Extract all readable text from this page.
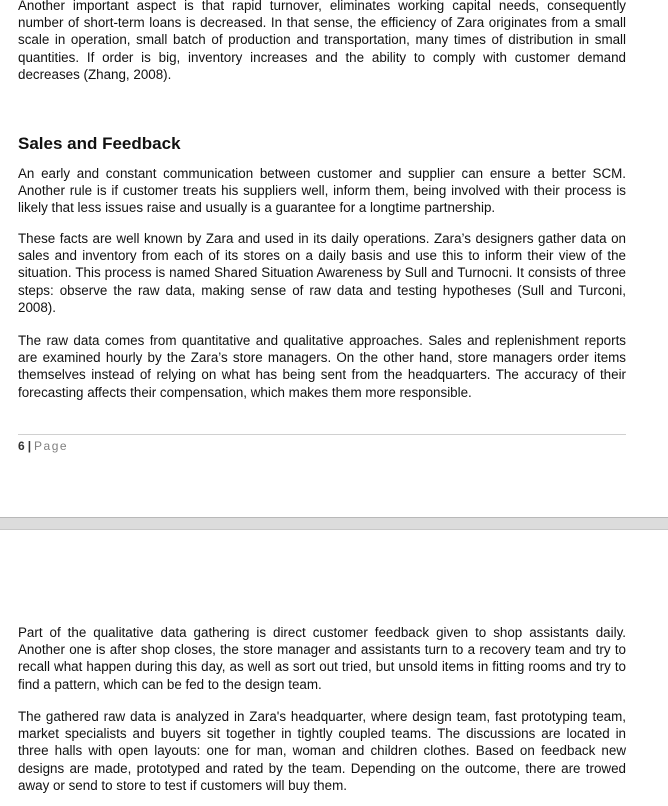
Another important aspect is that rapid turnover, eliminates working capital needs, consequently number of short-term loans is decreased. In that sense, the efficiency of Zara originates from a small scale in operation, small batch of production and transportation, many times of distribution in small quantities. If order is big, inventory increases and the ability to comply with customer demand decreases (Zhang, 2008).

Sales and Feedback

An early and constant communication between customer and supplier can ensure a better SCM. Another rule is if customer treats his suppliers well, inform them, being involved with their process is likely that less issues raise and usually is a guarantee for a longtime partnership.

These facts are well known by Zara and used in its daily operations. Zara’s designers gather data on sales and inventory from each of its stores on a daily basis and use this to inform their view of the situation. This process is named Shared Situation Awareness by Sull and Turnocni. It consists of three steps: observe the raw data, making sense of raw data and testing hypotheses (Sull and Turconi, 2008).

The raw data comes from quantitative and qualitative approaches. Sales and replenishment reports are examined hourly by the Zara’s store managers. On the other hand, store managers order items themselves instead of relying on what has being sent from the headquarters. The accuracy of their forecasting affects their compensation, which makes them more responsible.

6 | Page

Part of the qualitative data gathering is direct customer feedback given to shop assistants daily. Another one is after shop closes, the store manager and assistants turn to a recovery team and try to recall what happen during this day, as well as sort out tried, but unsold items in fitting rooms and try to find a pattern, which can be fed to the design team.

The gathered raw data is analyzed in Zara's headquarter, where design team, fast prototyping team, market specialists and buyers sit together in tightly coupled teams. The discussions are located in three halls with open layouts: one for man, woman and children clothes. Based on feedback new designs are made, prototyped and rated by the team. Depending on the outcome, there are trowed away or send to store to test if customers will buy them.
